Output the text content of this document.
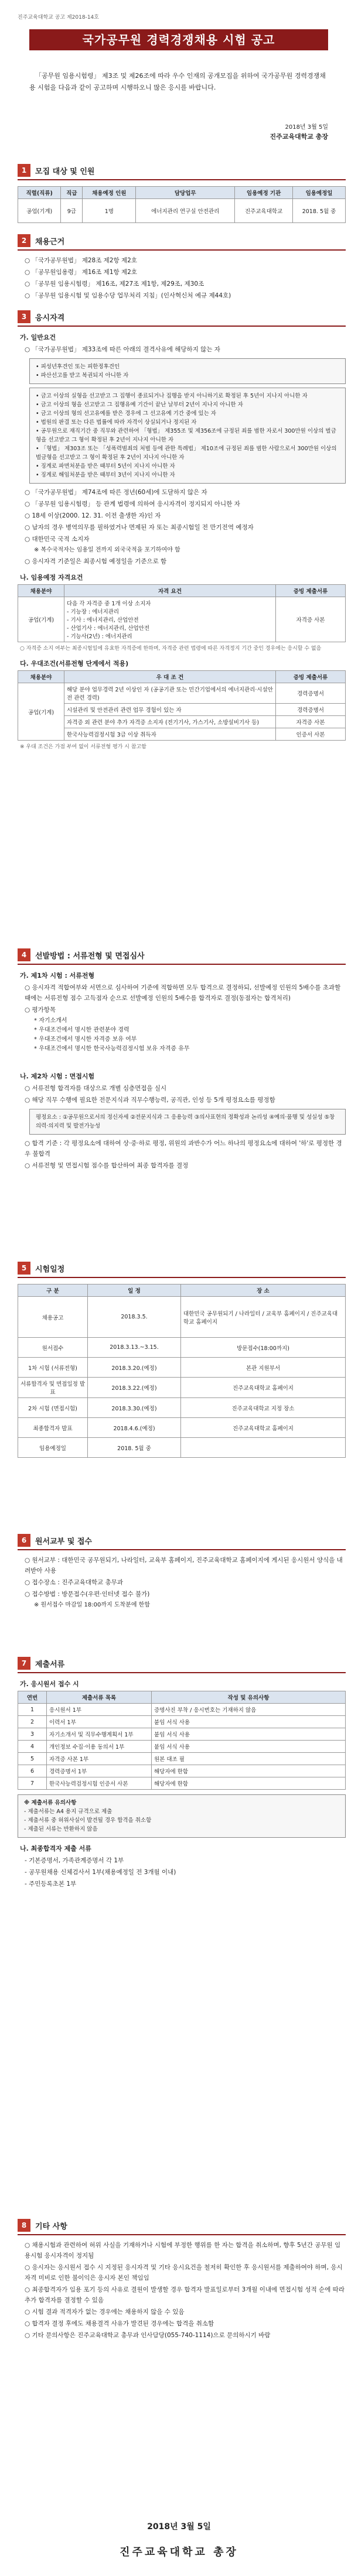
진주교육대학교 공고 제2018-14호
국가공무원 경력경쟁채용 시험 공고

「공무원 임용시험령」 제3조 및 제26조에 따라 우수 인재의 공개모집을 위하여 국가공무원 경력경쟁채용 시험을 다음과 같이 공고하며 시행하오니 많은 응시를 바랍니다.

2018년 3월 5일
진주교육대학교 총장
1	모집 대상 및 인원
직렬(직류)	직급	채용예정 인원	담당업무	임용예정 기관	임용예정일
공업(기계)	9급	1명	에너지관리 연구실 안전관리	진주교육대학교	2018. 5월 중
2	채용근거
○ 「국가공무원법」 제28조 제2항 제2호
○ 「공무원임용령」 제16조 제1항 제2호
○ 「공무원 임용시험령」 제16조, 제27조 제1항, 제29조, 제30조
○ 「공무원 임용시험 및 임용수당 업무처리 지침」(인사혁신처 예규 제44호)
3	응시자격
가. 일반요건
○ 「국가공무원법」 제33조에 따른 아래의 결격사유에 해당하지 않는 자
• 피성년후견인 또는 피한정후견인
• 파산선고를 받고 복권되지 아니한 자
• 금고 이상의 실형을 선고받고 그 집행이 종료되거나 집행을 받지 아니하기로 확정된 후 5년이 지나지 아니한 자
• 금고 이상의 형을 선고받고 그 집행유예 기간이 끝난 날부터 2년이 지나지 아니한 자
• 금고 이상의 형의 선고유예를 받은 경우에 그 선고유예 기간 중에 있는 자
• 법원의 판결 또는 다른 법률에 따라 자격이 상실되거나 정지된 자
• 공무원으로 재직기간 중 직무와 관련하여 「형법」 제355조 및 제356조에 규정된 죄를 범한 자로서 300만원 이상의 벌금형을 선고받고 그 형이 확정된 후 2년이 지나지 아니한 자
• 「형법」 제303조 또는 「성폭력범죄의 처벌 등에 관한 특례법」 제10조에 규정된 죄를 범한 사람으로서 300만원 이상의 벌금형을 선고받고 그 형이 확정된 후 2년이 지나지 아니한 자
• 징계로 파면처분을 받은 때부터 5년이 지나지 아니한 자
• 징계로 해임처분을 받은 때부터 3년이 지나지 아니한 자
○ 「국가공무원법」 제74조에 따른 정년(60세)에 도달하지 않은 자
○ 「공무원 임용시험령」 등 관계 법령에 의하여 응시자격이 정지되지 아니한 자
○ 18세 이상(2000. 12. 31. 이전 출생한 자)인 자
○ 남자의 경우 병역의무를 필하였거나 면제된 자 또는 최종시험일 전 만기전역 예정자
○ 대한민국 국적 소지자
※ 복수국적자는 임용일 전까지 외국국적을 포기하여야 함
○ 응시자격 기준일은 최종시험 예정일을 기준으로 함
나. 임용예정 자격요건
채용분야	자격 요건	증빙 제출서류
공업(기계)	다음 각 자격증 중 1개 이상 소지자
- 기능장 : 에너지관리
- 기사 : 에너지관리, 산업안전
- 산업기사 : 에너지관리, 산업안전
- 기능사(2년) : 에너지관리	자격증 사본
○ 자격증 소지 여부는 최종시험일에 유효한 자격증에 한하며, 자격증 관련 법령에 따른 자격정지 기간 중인 경우에는 응시할 수 없음
다. 우대조건(서류전형 단계에서 적용)
채용분야	우 대 조 건	증빙 제출서류
공업(기계)	해당 분야 업무경력 2년 이상인 자 (공공기관 또는 민간기업에서의 에너지관리·시설안전 관련 경력)	경력증명서
	시설관리 및 안전관리 관련 업무 경험이 있는 자	경력증명서
	자격증 외 관련 분야 추가 자격증 소지자 (전기기사, 가스기사, 소방설비기사 등)	자격증 사본
	한국사능력검정시험 3급 이상 취득자	인증서 사본
※ 우대 조건은 가점 부여 없이 서류전형 평가 시 참고함
4	선발방법 : 서류전형 및 면접심사
가. 제1차 시험 : 서류전형
○ 응시자격 적합여부와 서면으로 심사하여 기준에 적합하면 모두 합격으로 결정하되, 선발예정 인원의 5배수를 초과할 때에는 서류전형 점수 고득점자 순으로 선발예정 인원의 5배수를 합격자로 결정(동점자는 합격처리)
○ 평가항목
* 자기소개서
* 우대조건에서 명시한 관련분야 경력
* 우대조건에서 명시한 자격증 보유 여부
* 우대조건에서 명시한 한국사능력검정시험 보유 자격증 유무
나. 제2차 시험 : 면접시험
○ 서류전형 합격자를 대상으로 개별 심층면접을 실시
○ 해당 직무 수행에 필요한 전문지식과 직무수행능력, 공직관, 인성 등 5개 평정요소를 평정함
평정요소 : ①공무원으로서의 정신자세 ②전문지식과 그 응용능력 ③의사표현의 정확성과 논리성 ④예의·품행 및 성실성 ⑤창의력·의지력 및 발전가능성
○ 합격 기준 : 각 평정요소에 대하여 상·중·하로 평정, 위원의 과반수가 어느 하나의 평정요소에 대하여 '하'로 평정한 경우 불합격
○ 서류전형 및 면접시험 점수를 합산하여 최종 합격자를 결정
5	시험일정
구 분	일 정	장 소
채용공고	2018.3.5.	대한민국 공무원되기 / 나라일터 / 교육부 홈페이지 / 진주교육대학교 홈페이지
원서접수	2018.3.13.~3.15.	방문접수(18:00까지)
1차 시험 (서류전형)	2018.3.20.(예정)	본관 지원부서
서류합격자 및 면접일정 발표	2018.3.22.(예정)	진주교육대학교 홈페이지
2차 시험 (면접시험)	2018.3.30.(예정)	진주교육대학교 지정 장소
최종합격자 발표	2018.4.6.(예정)	진주교육대학교 홈페이지
임용예정일	2018. 5월 중	
6	원서교부 및 접수
○ 원서교부 : 대한민국 공무원되기, 나라일터, 교육부 홈페이지, 진주교육대학교 홈페이지에 게시된 응시원서 양식을 내려받아 사용
○ 접수장소 : 진주교육대학교 총무과
○ 접수방법 : 방문접수(우편·인터넷 접수 불가)
※ 원서접수 마감일 18:00까지 도착분에 한함
7	제출서류
가. 응시원서 접수 시
연번	제출서류 목록	작성 및 유의사항
1	응시원서 1부	증명사진 부착 / 응시번호는 기재하지 않음
2	이력서 1부	붙임 서식 사용
3	자기소개서 및 직무수행계획서 1부	붙임 서식 사용
4	개인정보 수집·이용 동의서 1부	붙임 서식 사용
5	자격증 사본 1부	원본 대조 필
6	경력증명서 1부	해당자에 한함
7	한국사능력검정시험 인증서 사본	해당자에 한함
※ 제출서류 유의사항
- 제출서류는 A4 용지 규격으로 제출
- 제출서류 중 허위사실이 발견될 경우 합격을 취소함
- 제출된 서류는 반환하지 않음
나. 최종합격자 제출 서류
- 기본증명서, 가족관계증명서 각 1부
- 공무원채용 신체검사서 1부(채용예정일 전 3개월 이내)
- 주민등록초본 1부
8	기타 사항
○ 채용시험과 관련하여 허위 사실을 기재하거나 시험에 부정한 행위를 한 자는 합격을 취소하며, 향후 5년간 공무원 임용시험 응시자격이 정지됨
○ 응시자는 응시원서 접수 시 지정된 응시자격 및 기타 응시요건을 철저히 확인한 후 응시원서를 제출하여야 하며, 응시자격 미비로 인한 불이익은 응시자 본인 책임임
○ 최종합격자가 임용 포기 등의 사유로 결원이 발생할 경우 합격자 발표일로부터 3개월 이내에 면접시험 성적 순에 따라 추가 합격자를 결정할 수 있음
○ 시험 결과 적격자가 없는 경우에는 채용하지 않을 수 있음
○ 합격자 결정 후에도 채용결격 사유가 발견된 경우에는 합격을 취소함
○ 기타 문의사항은 진주교육대학교 총무과 인사담당(055-740-1114)으로 문의하시기 바람
2018년 3월 5일
진주교육대학교 총장
